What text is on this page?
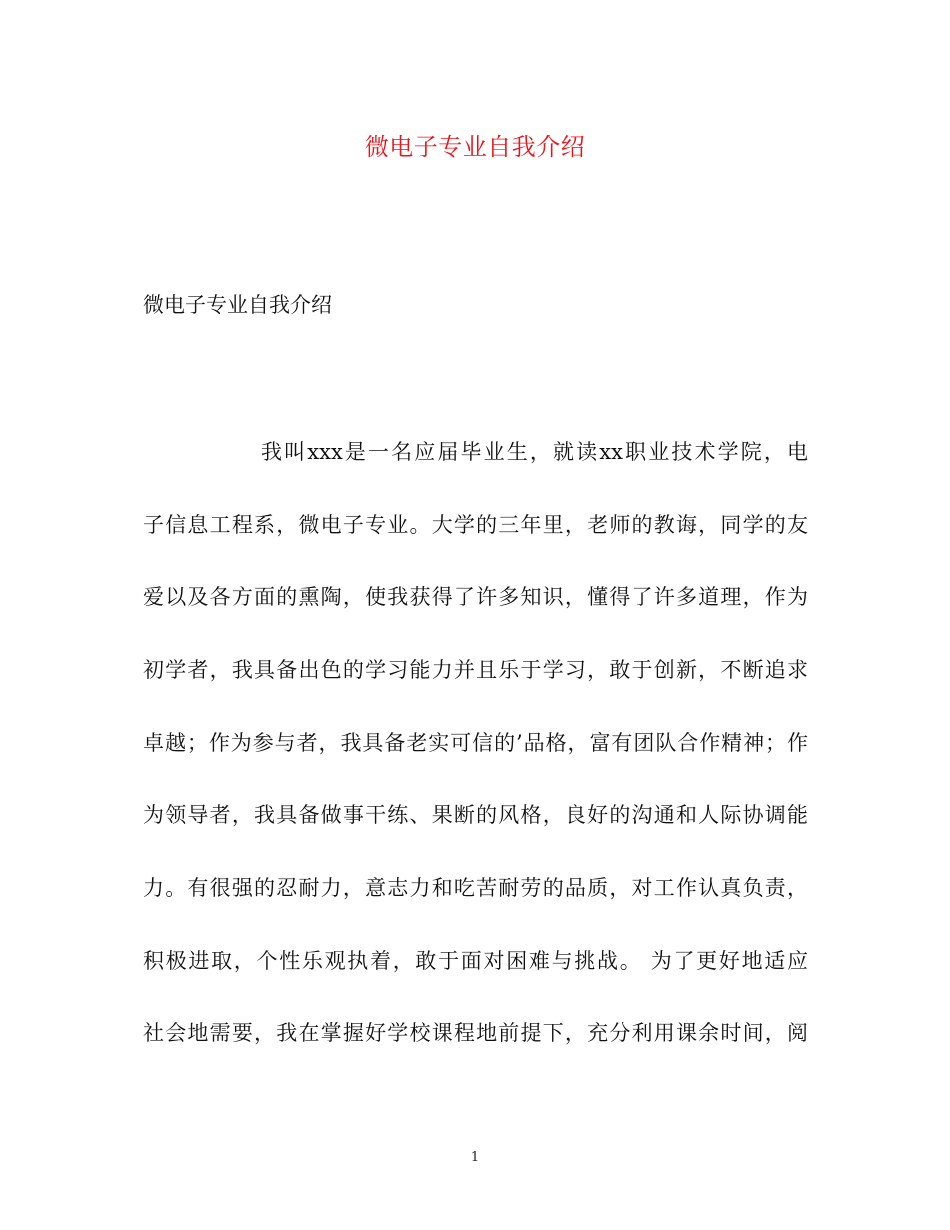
微电子专业自我介绍
微电子专业自我介绍
我叫xxx是一名应届毕业生，就读xx职业技术学院，电
子信息工程系，微电子专业。大学的三年里，老师的教诲，同学的友
爱以及各方面的熏陶，使我获得了许多知识，懂得了许多道理，作为
初学者，我具备出色的学习能力并且乐于学习，敢于创新，不断追求
卓越；作为参与者，我具备老实可信的’品格，富有团队合作精神；作
为领导者，我具备做事干练、果断的风格，良好的沟通和人际协调能
力。有很强的忍耐力，意志力和吃苦耐劳的品质，对工作认真负责，
积极进取，个性乐观执着，敢于面对困难与挑战。 为了更好地适应
社会地需要，我在掌握好学校课程地前提下，充分利用课余时间，阅
1
